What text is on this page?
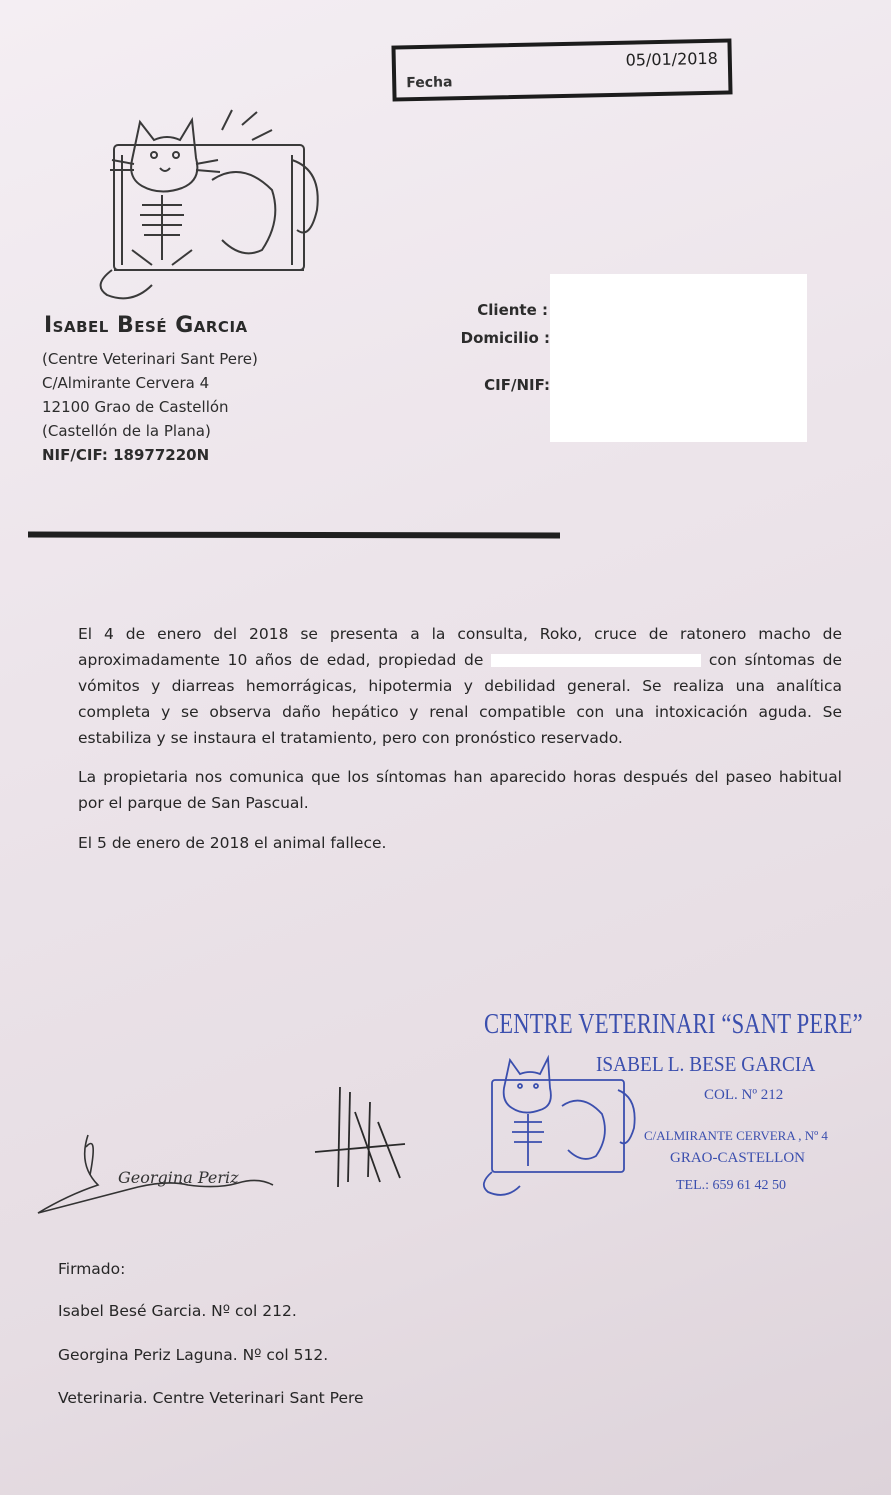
Fecha
05/01/2018
Isabel Besé Garcia
(Centre Veterinari Sant Pere)
C/Almirante Cervera 4
12100 Grao de Castellón
(Castellón de la Plana)
NIF/CIF: 18977220N
Cliente :
Domicilio :
CIF/NIF:
El 4 de enero del 2018 se presenta a la consulta, Roko, cruce de ratonero macho de aproximadamente 10 años de edad, propiedad de	con síntomas de vómitos y diarreas hemorrágicas, hipotermia y debilidad general. Se realiza una analítica completa y se observa daño hepático y renal compatible con una intoxicación aguda. Se estabiliza y se instaura el tratamiento, pero con pronóstico reservado.
La propietaria nos comunica que los síntomas han aparecido horas después del paseo habitual por el parque de San Pascual.
El 5 de enero de 2018 el animal fallece.
CENTRE VETERINARI “SANT PERE”
ISABEL L. BESE GARCIA
COL. Nº 212
C/ALMIRANTE CERVERA , Nº 4
GRAO-CASTELLON
TEL.: 659 61 42 50
Georgina Periz
Firmado:
Isabel Besé Garcia. Nº col 212.
Georgina Periz Laguna. Nº col 512.
Veterinaria. Centre Veterinari Sant Pere
